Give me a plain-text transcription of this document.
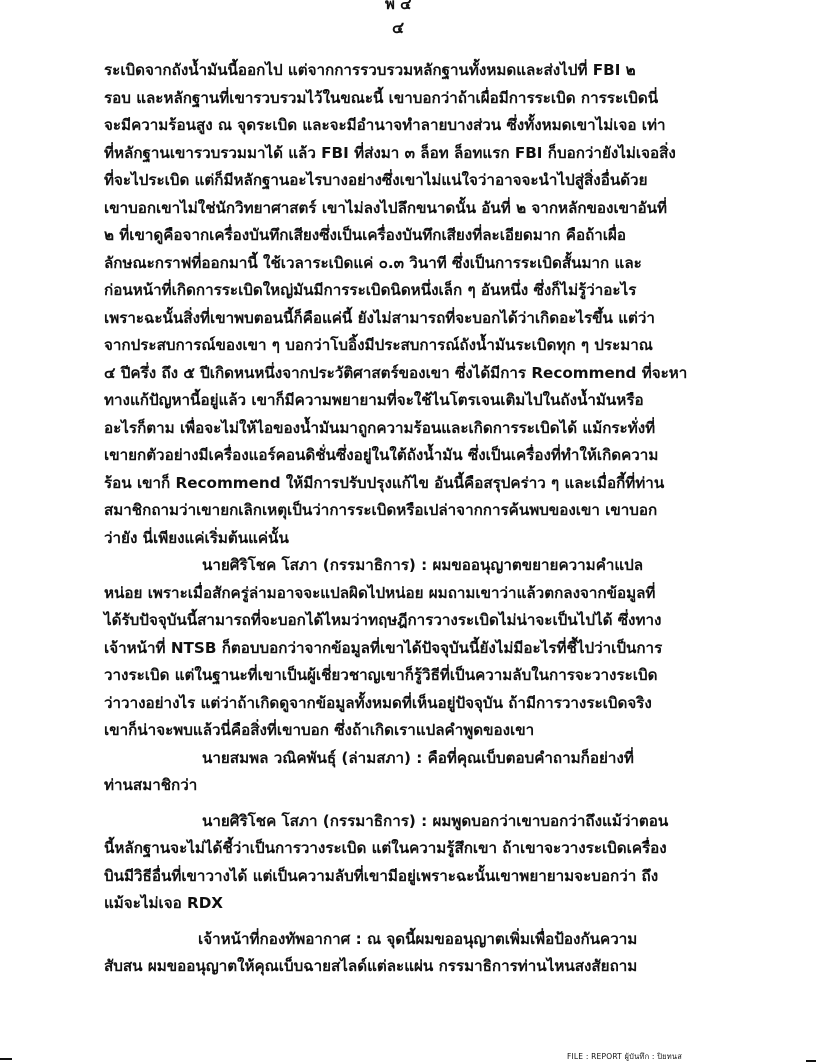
พ ๔
๔
ระเบิดจากถังน้ำมันนี้ออกไป แต่จากการรวบรวมหลักฐานทั้งหมดและส่งไปที่ FBI ๒
รอบ และหลักฐานที่เขารวบรวมไว้ในขณะนี้ เขาบอกว่าถ้าเผื่อมีการระเบิด การระเบิดนี่
จะมีความร้อนสูง ณ จุดระเบิด และจะมีอำนาจทำลายบางส่วน ซึ่งทั้งหมดเขาไม่เจอ เท่า
ที่หลักฐานเขารวบรวมมาได้ แล้ว FBI ที่ส่งมา ๓ ล็อท ล็อทแรก FBI ก็บอกว่ายังไม่เจอสิ่ง
ที่จะไประเบิด แต่ก็มีหลักฐานอะไรบางอย่างซึ่งเขาไม่แน่ใจว่าอาจจะนำไปสู่สิ่งอื่นด้วย
เขาบอกเขาไม่ใช่นักวิทยาศาสตร์ เขาไม่ลงไปลึกขนาดนั้น อันที่ ๒ จากหลักของเขาอันที่
๒ ที่เขาดูคือจากเครื่องบันทึกเสียงซึ่งเป็นเครื่องบันทึกเสียงที่ละเอียดมาก คือถ้าเผื่อ
ลักษณะกราฟที่ออกมานี้ ใช้เวลาระเบิดแค่ ๐.๓ วินาที ซึ่งเป็นการระเบิดสั้นมาก และ
ก่อนหน้าที่เกิดการระเบิดใหญ่มันมีการระเบิดนิดหนึ่งเล็ก ๆ อันหนึ่ง ซึ่งก็ไม่รู้ว่าอะไร
เพราะฉะนั้นสิ่งที่เขาพบตอนนี้ก็คือแค่นี้ ยังไม่สามารถที่จะบอกได้ว่าเกิดอะไรขึ้น แต่ว่า
จากประสบการณ์ของเขา ๆ บอกว่าโบอิ้งมีประสบการณ์ถังน้ำมันระเบิดทุก ๆ ประมาณ
๔ ปีครึ่ง ถึง ๕ ปีเกิดหนหนึ่งจากประวัติศาสตร์ของเขา ซึ่งได้มีการ Recommend ที่จะหา
ทางแก้ปัญหานี้อยู่แล้ว เขาก็มีความพยายามที่จะใช้ไนโตรเจนเติมไปในถังน้ำมันหรือ
อะไรก็ตาม เพื่อจะไม่ให้ไอของน้ำมันมาถูกความร้อนและเกิดการระเบิดได้ แม้กระทั่งที่
เขายกตัวอย่างมีเครื่องแอร์คอนดิชั่นซึ่งอยู่ในใต้ถังน้ำมัน ซึ่งเป็นเครื่องที่ทำให้เกิดความ
ร้อน เขาก็ Recommend ให้มีการปรับปรุงแก้ไข อันนี้คือสรุปคร่าว ๆ และเมื่อกี้ที่ท่าน
สมาชิกถามว่าเขายกเลิกเหตุเป็นว่าการระเบิดหรือเปล่าจากการค้นพบของเขา เขาบอก
ว่ายัง นี่เพียงแค่เริ่มต้นแค่นั้น
นายศิริโชค โสภา (กรรมาธิการ) : ผมขออนุญาตขยายความคำแปล
หน่อย เพราะเมื่อสักครู่ล่ามอาจจะแปลผิดไปหน่อย ผมถามเขาว่าแล้วตกลงจากข้อมูลที่
ได้รับปัจจุบันนี้สามารถที่จะบอกได้ไหมว่าทฤษฎีการวางระเบิดไม่น่าจะเป็นไปได้ ซึ่งทาง
เจ้าหน้าที่ NTSB ก็ตอบบอกว่าจากข้อมูลที่เขาได้ปัจจุบันนี้ยังไม่มีอะไรที่ชี้ไปว่าเป็นการ
วางระเบิด แต่ในฐานะที่เขาเป็นผู้เชี่ยวชาญเขาก็รู้วิธีที่เป็นความลับในการจะวางระเบิด
ว่าวางอย่างไร แต่ว่าถ้าเกิดดูจากข้อมูลทั้งหมดที่เห็นอยู่ปัจจุบัน ถ้ามีการวางระเบิดจริง
เขาก็น่าจะพบแล้วนี่คือสิ่งที่เขาบอก ซึ่งถ้าเกิดเราแปลคำพูดของเขา
นายสมพล วณิคพันธุ์ (ล่ามสภา) : คือที่คุณเบ็บตอบคำถามก็อย่างที่
ท่านสมาชิกว่า
นายศิริโชค โสภา (กรรมาธิการ) : ผมพูดบอกว่าเขาบอกว่าถึงแม้ว่าตอน
นี้หลักฐานจะไม่ได้ชี้ว่าเป็นการวางระเบิด แต่ในความรู้สึกเขา ถ้าเขาจะวางระเบิดเครื่อง
บินมีวิธีอื่นที่เขาวางได้ แต่เป็นความลับที่เขามีอยู่เพราะฉะนั้นเขาพยายามจะบอกว่า ถึง
แม้จะไม่เจอ RDX
เจ้าหน้าที่กองทัพอากาศ : ณ จุดนี้ผมขออนุญาตเพิ่มเพื่อป้องกันความ
สับสน ผมขออนุญาตให้คุณเบ็บฉายสไลด์แต่ละแผ่น กรรมาธิการท่านไหนสงสัยถาม
FILE : REPORT ผู้บันทึก : ปิยทนส
